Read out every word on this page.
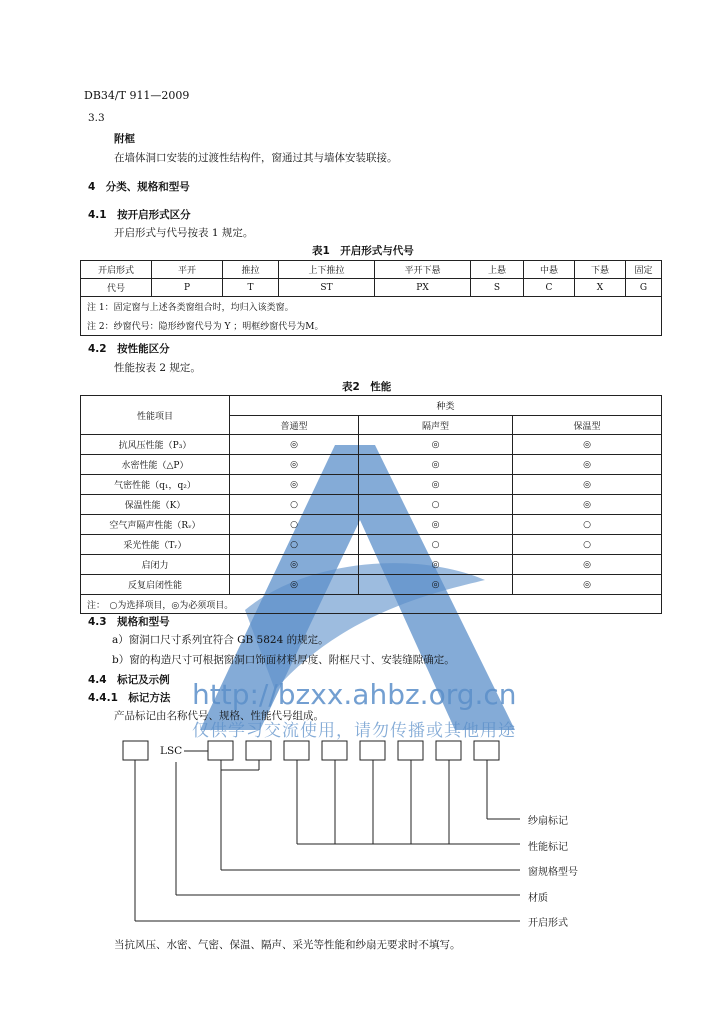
DB34/T 911—2009
3.3
附框
在墙体洞口安装的过渡性结构件，窗通过其与墙体安装联接。
4　分类、规格和型号
4.1　按开启形式区分
开启形式与代号按表 1 规定。
表1　开启形式与代号
开启形式	平开	推拉	上下推拉	平开下悬	上悬	中悬	下悬	固定
代号	P	T	ST	PX	S	C	X	G
注 1：固定窗与上述各类窗组合时，均归入该类窗。								
注 2：纱窗代号：隐形纱窗代号为 Y ；明框纱窗代号为M。								
4.2　按性能区分
性能按表 2 规定。
表2　性能
性能项目	种类		
	普通型	隔声型	保温型
抗风压性能（P₃）	◎	◎	◎
水密性能（△P）	◎	◎	◎
气密性能（q₁，q₂）	◎	◎	◎
保温性能（K）	○	○	◎
空气声隔声性能（Rᵥ）	○	◎	○
采光性能（Tᵣ）	○	○	○
启闭力	◎	◎	◎
反复启闭性能	◎	◎	◎
注：　○为选择项目，◎为必须项目。			
4.3　规格和型号
a）窗洞口尺寸系列宜符合 GB 5824 的规定。
b）窗的构造尺寸可根据窗洞口饰面材料厚度、附框尺寸、安装缝隙确定。
4.4　标记及示例
4.4.1　标记方法
产品标记由名称代号、规格、性能代号组成。
LSC
纱扇标记
性能标记
窗规格型号
材质
开启形式
当抗风压、水密、气密、保温、隔声、采光等性能和纱扇无要求时不填写。
http://bzxx.ahbz.org.cn
仅供学习交流使用，请勿传播或其他用途
